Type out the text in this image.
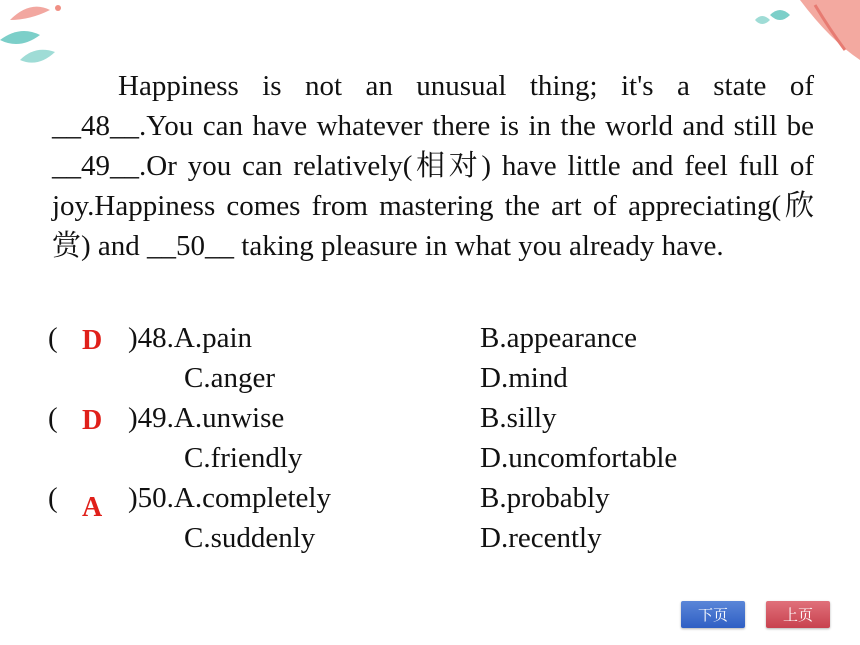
Happiness is not an unusual thing; it's a state of __48__.You can have whatever there is in the world and still be __49__.Or you can relatively(相对) have little and feel full of joy.Happiness comes from mastering the art of appreciating(欣赏) and __50__ taking pleasure in what you already have.

( D )48.A.pain	B.appearance
C.anger	D.mind
( D )49.A.unwise	B.silly
C.friendly	D.uncomfortable
( A )50.A.completely	B.probably
C.suddenly	D.recently
下页	上页
